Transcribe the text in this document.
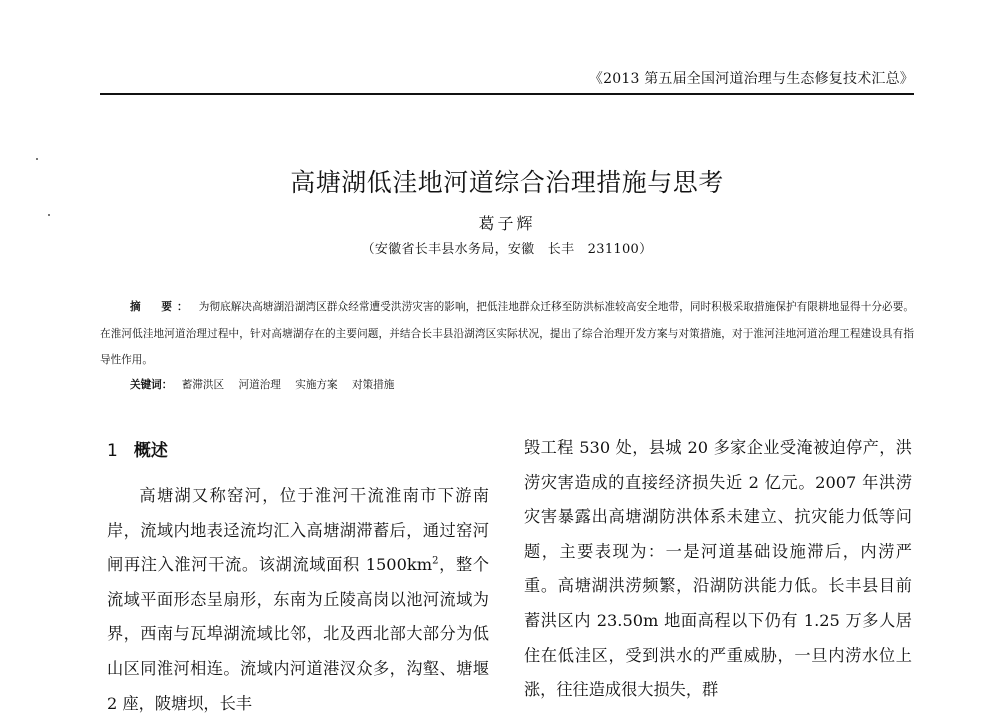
《2013 第五届全国河道治理与生态修复技术汇总》
高塘湖低洼地河道综合治理措施与思考
葛子辉
（安徽省长丰县水务局，安徽　长丰　231100）
摘　要： 为彻底解决高塘湖沿湖湾区群众经常遭受洪涝灾害的影响，把低洼地群众迁移至防洪标准较高安全地带，同时积极采取措施保护有限耕地显得十分必要。在淮河低洼地河道治理过程中，针对高塘湖存在的主要问题，并结合长丰县沿湖湾区实际状况，提出了综合治理开发方案与对策措施，对于淮河洼地河道治理工程建设具有指导性作用。
关键词： 蓄滞洪区 河道治理 实施方案 对策措施
1 概述

高塘湖又称窑河，位于淮河干流淮南市下游南岸，流域内地表迳流均汇入高塘湖滞蓄后，通过窑河闸再注入淮河干流。该湖流域面积 $1500km^2$，整个流域平面形态呈扇形，东南为丘陵高岗以池河流域为界，西南与瓦埠湖流域比邻，北及西北部大部分为低山区同淮河相连。流域内河道港汊众多，沟壑、塘堰 2 座，陂塘坝，长丰

毁工程 530 处，县城 20 多家企业受淹被迫停产，洪涝灾害造成的直接经济损失近 2 亿元。2007 年洪涝灾害暴露出高塘湖防洪体系未建立、抗灾能力低等问题，主要表现为：一是河道基础设施滞后，内涝严重。高塘湖洪涝频繁，沿湖防洪能力低。长丰县目前蓄洪区内 23.50m 地面高程以下仍有 1.25 万多人居住在低洼区，受到洪水的严重威胁，一旦内涝水位上涨，往往造成很大损失，群
